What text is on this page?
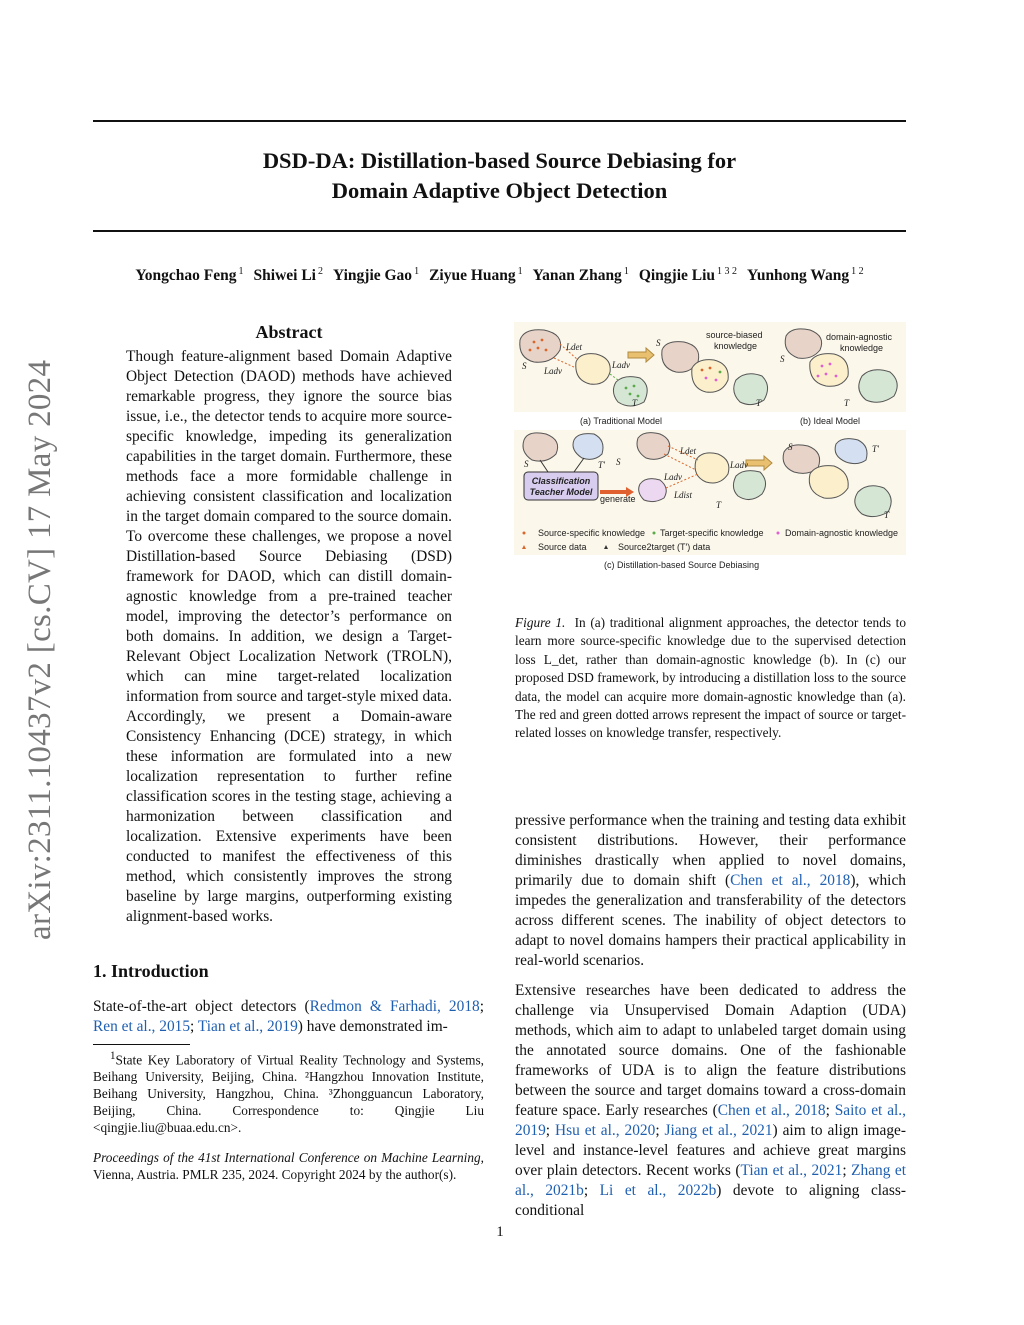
arXiv:2311.10437v2 [cs.CV] 17 May 2024
DSD-DA: Distillation-based Source Debiasing for
Domain Adaptive Object Detection
Yongchao Feng $^1$ Shiwei Li $^2$ Yingjie Gao $^1$ Ziyue Huang $^1$ Yanan Zhang $^1$ Qingjie Liu $^{1 3 2}$ Yunhong Wang $^{1 2}$
Abstract
Though feature-alignment based Domain Adaptive Object Detection (DAOD) methods have achieved remarkable progress, they ignore the source bias issue, i.e., the detector tends to acquire more source-specific knowledge, impeding its generalization capabilities in the target domain. Furthermore, these methods face a more formidable challenge in achieving consistent classification and localization in the target domain compared to the source domain. To overcome these challenges, we propose a novel Distillation-based Source Debiasing (DSD) framework for DAOD, which can distill domain-agnostic knowledge from a pre-trained teacher model, improving the detector’s performance on both domains. In addition, we design a Target-Relevant Object Localization Network (TROLN), which can mine target-related localization information from source and target-style mixed data. Accordingly, we present a Domain-aware Consistency Enhancing (DCE) strategy, in which these information are formulated into a new localization representation to further refine classification scores in the testing stage, achieving a harmonization between classification and localization. Extensive experiments have been conducted to manifest the effectiveness of this method, which consistently improves the strong baseline by large margins, outperforming existing alignment-based works.
1. Introduction
State-of-the-art object detectors (Redmon & Farhadi, 2018; Ren et al., 2015; Tian et al., 2019) have demonstrated im-
$^1$State Key Laboratory of Virtual Reality Technology and Systems, Beihang University, Beijing, China. ²Hangzhou Innovation Institute, Beihang University, Hangzhou, China. ³Zhongguancun Laboratory, Beijing, China. Correspondence to: Qingjie Liu <qingjie.liu@buaa.edu.cn>.
Proceedings of the 41st International Conference on Machine Learning, Vienna, Austria. PMLR 235, 2024. Copyright 2024 by the author(s).
Ldet
Ladv
Ladv
S
T
S
T
source-biased
knowledge
S
T
domain-agnostic
knowledge
(a) Traditional Model	(b) Ideal Model
Classification
Teacher Model
generate
S	T′ S
Ldet
Ladv
Ldist
Ladv
T
S	T′
T
Source-specific knowledge Target-specific knowledge Domain-agnostic knowledge
Source data	Source2target (T′) data
(c) Distillation-based Source Debiasing
Figure 1. In (a) traditional alignment approaches, the detector tends to learn more source-specific knowledge due to the supervised detection loss L_det, rather than domain-agnostic knowledge (b). In (c) our proposed DSD framework, by introducing a distillation loss to the source data, the model can acquire more domain-agnostic knowledge than (a). The red and green dotted arrows represent the impact of source or target-related losses on knowledge transfer, respectively.

pressive performance when the training and testing data exhibit consistent distributions. However, their performance diminishes drastically when applied to novel domains, primarily due to domain shift (Chen et al., 2018), which impedes the generalization and transferability of the detectors across different scenes. The inability of object detectors to adapt to novel domains hampers their practical applicability in real-world scenarios.

Extensive researches have been dedicated to address the challenge via Unsupervised Domain Adaption (UDA) methods, which aim to adapt to unlabeled target domain using the annotated source domains. One of the fashionable frameworks of UDA is to align the feature distributions between the source and target domains toward a cross-domain feature space. Early researches (Chen et al., 2018; Saito et al., 2019; Hsu et al., 2020; Jiang et al., 2021) aim to align image-level and instance-level features and achieve great margins over plain detectors. Recent works (Tian et al., 2021; Zhang et al., 2021b; Li et al., 2022b) devote to aligning class-conditional

1
